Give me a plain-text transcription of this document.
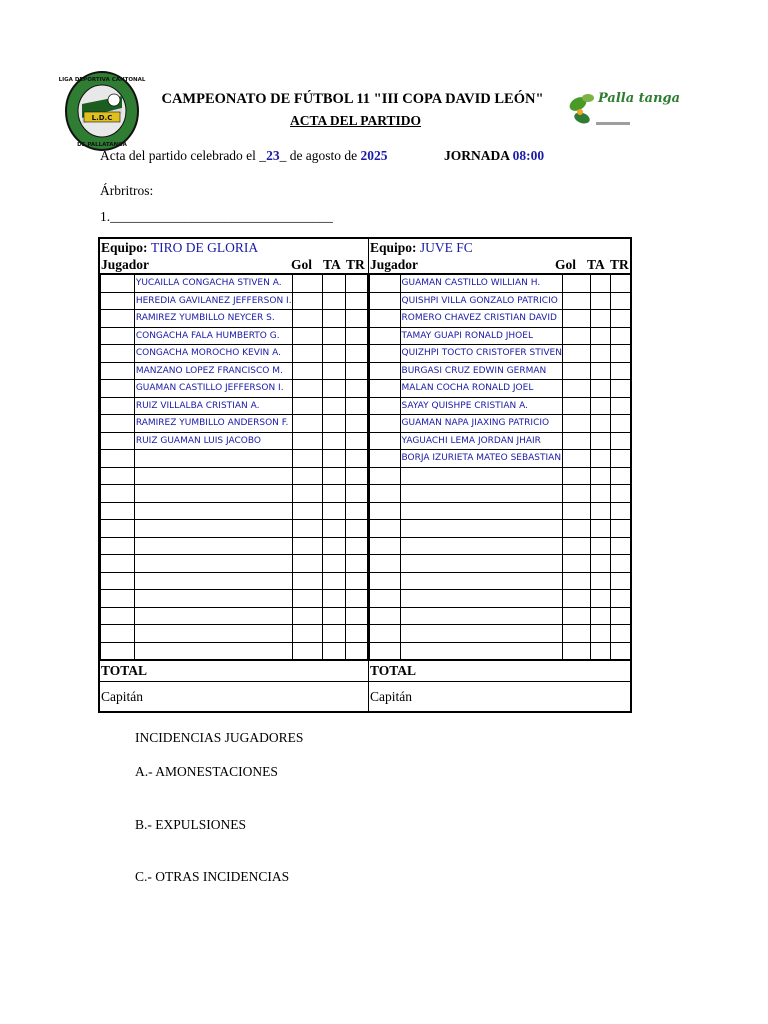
L.D.C
LIGA DEPORTIVA CANTONAL
DE PALLATANGA
Palla tanga
CAMPEONATO DE FÚTBOL 11 "III COPA DAVID LEÓN"
ACTA DEL PARTIDO
Acta del partido celebrado el _23_ de agosto de 2025	JORNADA 08:00
Árbritros:
1._________________________________
Equipo: TIRO DE GLORIA
Jugador	Gol TA TR
	YUCAILLA CONGACHA STIVEN A.			
	HEREDIA GAVILANEZ JEFFERSON I.			
	RAMIREZ YUMBILLO NEYCER S.			
	CONGACHA FALA HUMBERTO G.			
	CONGACHA MOROCHO KEVIN A.			
	MANZANO LOPEZ FRANCISCO M.			
	GUAMAN CASTILLO JEFFERSON I.			
	RUIZ VILLALBA CRISTIAN A.			
	RAMIREZ YUMBILLO ANDERSON F.			
	RUIZ GUAMAN LUIS JACOBO			

TOTAL
Capitán
Equipo: JUVE FC
Jugador	Gol TA TR
	GUAMAN CASTILLO WILLIAN H.			
	QUISHPI VILLA GONZALO PATRICIO			
	ROMERO CHAVEZ CRISTIAN DAVID			
	TAMAY GUAPI RONALD JHOEL			
	QUIZHPI TOCTO CRISTOFER STIVEN			
	BURGASI CRUZ EDWIN GERMAN			
	MALAN COCHA RONALD JOEL			
	SAYAY QUISHPE CRISTIAN A.			
	GUAMAN NAPA JIAXING PATRICIO			
	YAGUACHI LEMA JORDAN JHAIR			
	BORJA IZURIETA MATEO SEBASTIAN			

TOTAL
Capitán
INCIDENCIAS JUGADORES
A.- AMONESTACIONES
B.- EXPULSIONES
C.- OTRAS INCIDENCIAS
